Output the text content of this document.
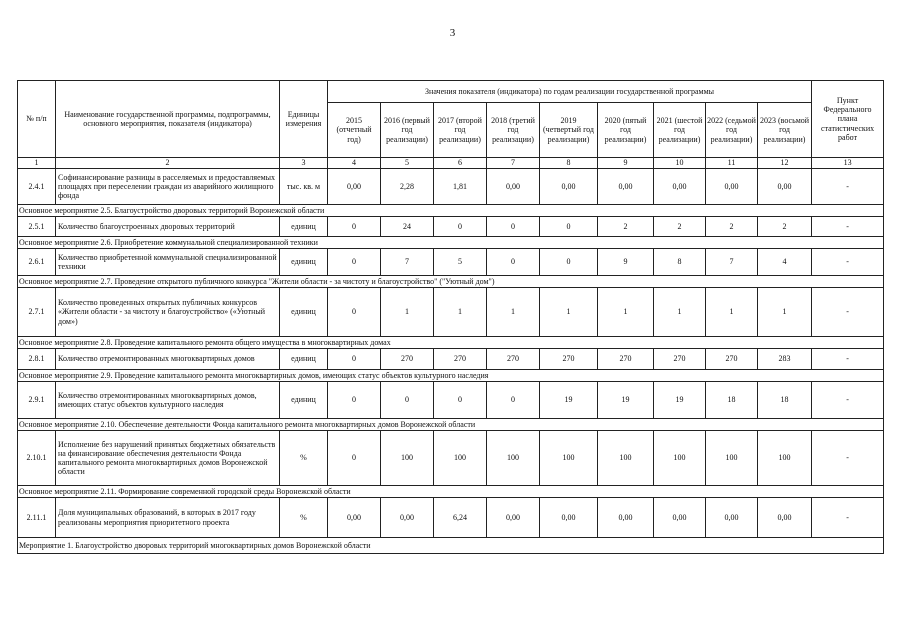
3
№ п/п	Наименование государственной программы, подпрограммы, основного мероприятия, показателя (индикатора)	Единицы измерения	Значения показателя (индикатора) по годам реализации государственной программы									Пункт Федерального плана статистических работ
			2015 (отчетный год)	2016 (первый год реализации)	2017 (второй год реализации)	2018 (третий год реализации)	2019 (четвертый год реализации)	2020 (пятый год реализации)	2021 (шестой год реализации)	2022 (седьмой год реализации)	2023 (восьмой год реализации)	
1	2	3	4	5	6	7	8	9	10	11	12	13
2.4.1	Софинансирование разницы в расселяемых и предоставляемых площадях при переселении граждан из аварийного жилищного фонда	тыс. кв. м	0,00	2,28	1,81	0,00	0,00	0,00	0,00	0,00	0,00	-
Основное мероприятие 2.5. Благоустройство дворовых территорий Воронежской области												
2.5.1	Количество благоустроенных дворовых территорий	единиц	0	24	0	0	0	2	2	2	2	-
Основное мероприятие 2.6. Приобретение коммунальной специализированной техники												
2.6.1	Количество приобретенной коммунальной специализированной техники	единиц	0	7	5	0	0	9	8	7	4	-
Основное мероприятие 2.7. Проведение открытого публичного конкурса "Жители области - за чистоту и благоустройство" ("Уютный дом")												
2.7.1	Количество проведенных открытых публичных конкурсов «Жители области - за чистоту и благоустройство» («Уютный дом»)	единиц	0	1	1	1	1	1	1	1	1	-
Основное мероприятие 2.8. Проведение капитального ремонта общего имущества в многоквартирных домах												
2.8.1	Количество отремонтированных многоквартирных домов	единиц	0	270	270	270	270	270	270	270	283	-
Основное мероприятие 2.9. Проведение капитального ремонта многоквартирных домов, имеющих статус объектов культурного наследия												
2.9.1	Количество отремонтированных многоквартирных домов, имеющих статус объектов культурного наследия	единиц	0	0	0	0	19	19	19	18	18	-
Основное мероприятие 2.10. Обеспечение деятельности Фонда капитального ремонта многоквартирных домов Воронежской области												
2.10.1	Исполнение без нарушений принятых бюджетных обязательств на финансирование обеспечения деятельности Фонда капитального ремонта многоквартирных домов Воронежской области	%	0	100	100	100	100	100	100	100	100	-
Основное мероприятие 2.11. Формирование современной городской среды Воронежской области												
2.11.1	Доля муниципальных образований, в которых в 2017 году реализованы мероприятия приоритетного проекта	%	0,00	0,00	6,24	0,00	0,00	0,00	0,00	0,00	0,00	-
Мероприятие 1. Благоустройство дворовых территорий многоквартирных домов Воронежской области												
